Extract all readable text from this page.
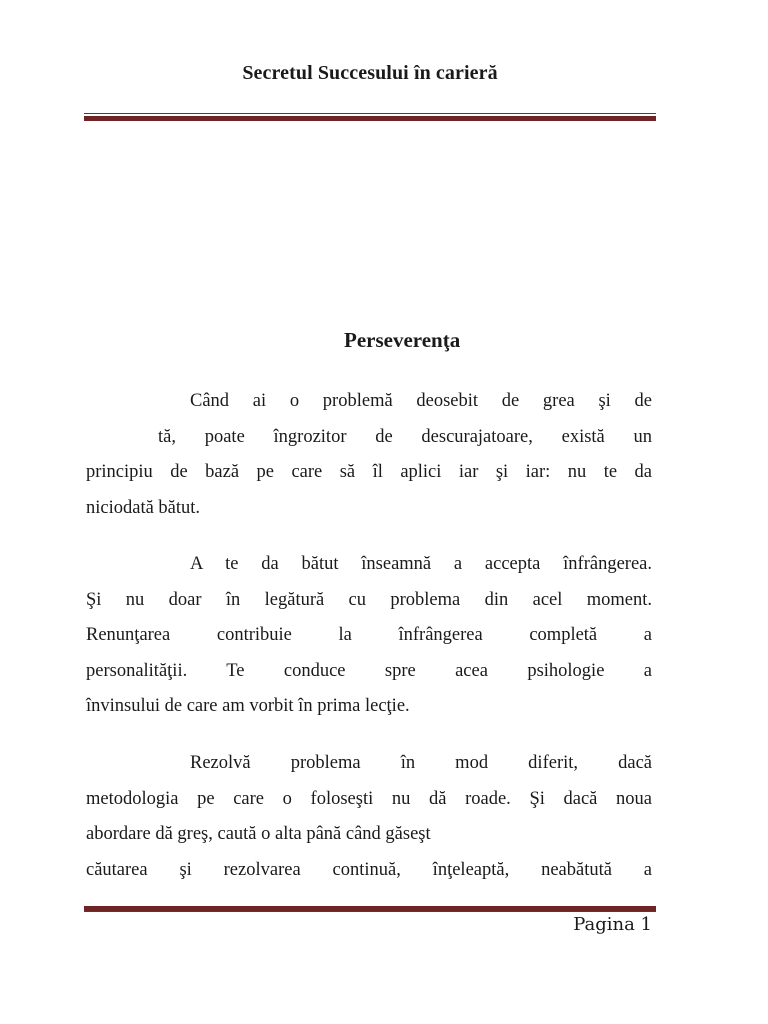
Secretul Succesului în carieră
Perseverenţa
Când ai o problemă deosebit de grea şi de
tă, poate îngrozitor de descurajatoare, există un
principiu de bază pe care să îl aplici iar şi iar: nu te da
niciodată bătut.
A te da bătut înseamnă a accepta înfrângerea.
Şi nu doar în legătură cu problema din acel moment.
Renunţarea contribuie la înfrângerea completă a
personalităţii. Te conduce spre acea psihologie a
învinsului de care am vorbit în prima lecţie.
Rezolvă problema în mod diferit, dacă
metodologia pe care o foloseşti nu dă roade. Şi dacă noua
abordare dă greş, caută o alta până când găseşt
căutarea şi rezolvarea continuă, înţeleaptă, neabătută a
Pagina 1
